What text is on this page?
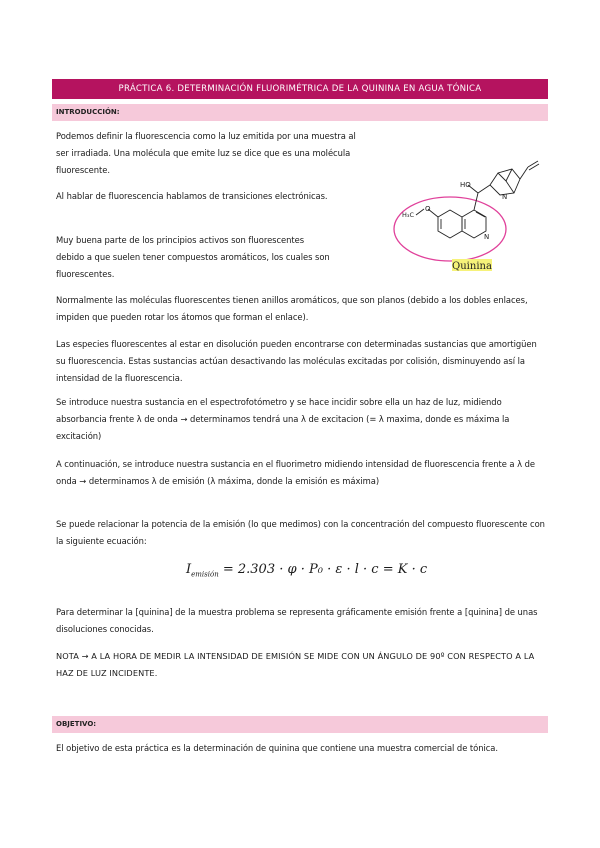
PRÁCTICA 6. DETERMINACIÓN FLUORIMÉTRICA DE LA QUININA EN AGUA TÓNICA
INTRODUCCIÓN:
Podemos definir la fluorescencia como la luz emitida por una muestra al ser irradiada. Una molécula que emite luz se dice que es una molécula fluorescente.
Al hablar de fluorescencia hablamos de transiciones electrónicas.
Muy buena parte de los principios activos son fluorescentes debido a que suelen tener compuestos aromáticos, los cuales son fluorescentes.
HO
H₃C
O
N
N
Quinina
Normalmente las moléculas fluorescentes tienen anillos aromáticos, que son planos (debido a los dobles enlaces, impiden que pueden rotar los átomos que forman el enlace).
Las especies fluorescentes al estar en disolución pueden encontrarse con determinadas sustancias que amortigüen su fluorescencia. Estas sustancias actúan desactivando las moléculas excitadas por colisión, disminuyendo así la intensidad de la fluorescencia.
Se introduce nuestra sustancia en el espectrofotómetro y se hace incidir sobre ella un haz de luz, midiendo absorbancia frente λ de onda → determinamos tendrá una λ de excitacion (= λ maxima, donde es máxima la excitación)
A continuación, se introduce nuestra sustancia en el fluorimetro midiendo intensidad de fluorescencia frente a λ de onda → determinamos λ de emisión (λ máxima, donde la emisión es máxima)
Se puede relacionar la potencia de la emisión (lo que medimos) con la concentración del compuesto fluorescente con la siguiente ecuación:
$I_{emisión} = 2.303 \cdot \varphi \cdot P_0 \cdot \varepsilon \cdot l \cdot c = K \cdot c$
Para determinar la [quinina] de la muestra problema se representa gráficamente emisión frente a [quinina] de unas disoluciones conocidas.
NOTA → A LA HORA DE MEDIR LA INTENSIDAD DE EMISIÓN SE MIDE CON UN ÁNGULO DE 90º CON RESPECTO A LA HAZ DE LUZ INCIDENTE.
OBJETIVO:
El objetivo de esta práctica es la determinación de quinina que contiene una muestra comercial de tónica.
